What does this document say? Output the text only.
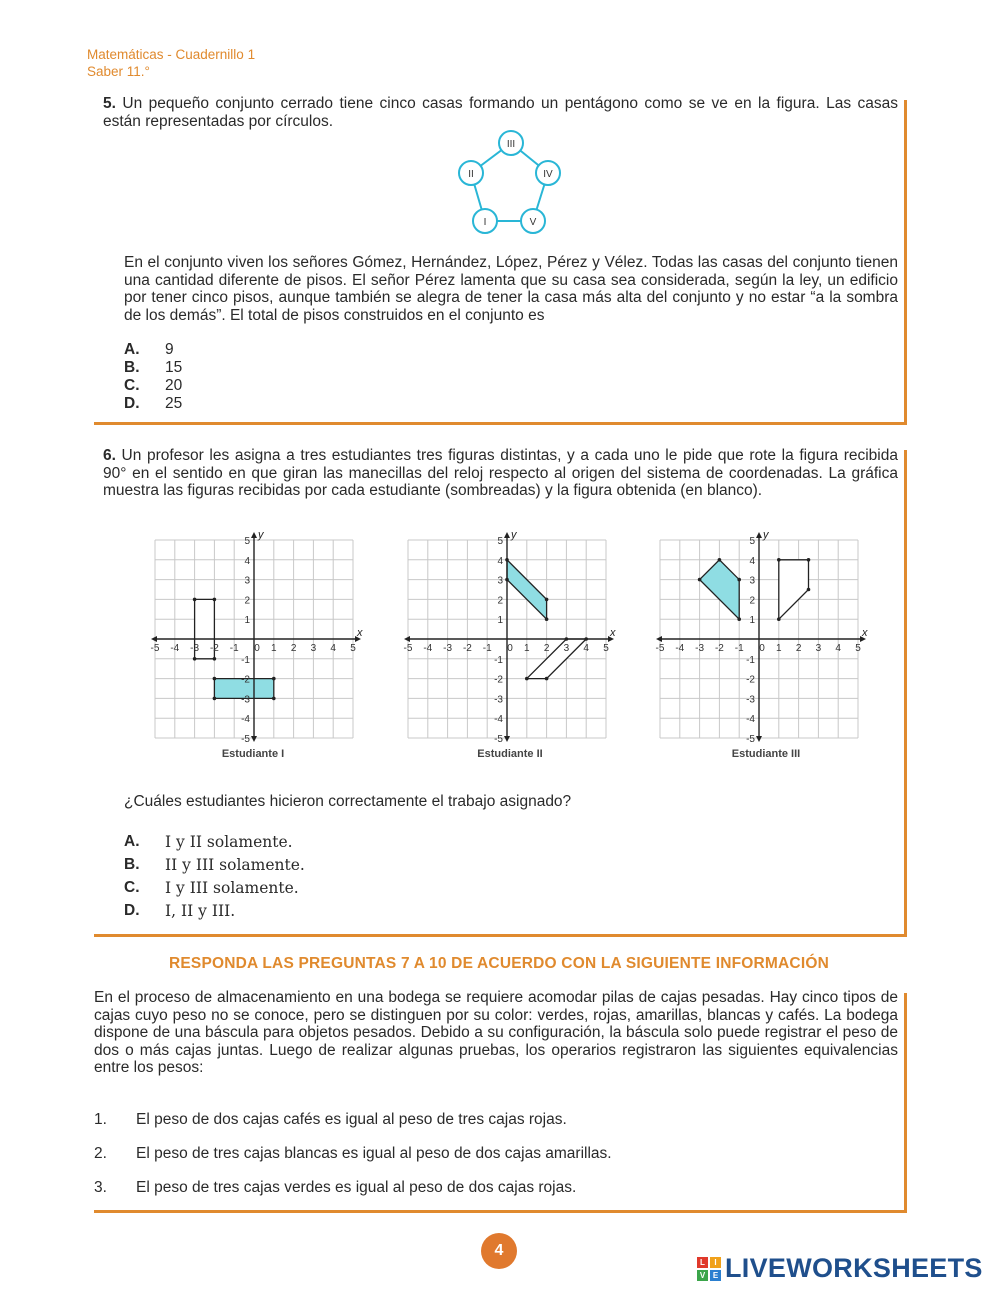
Matemáticas - Cuadernillo 1
Saber 11.°
5. Un pequeño conjunto cerrado tiene cinco casas formando un pentágono como se ve en la figura. Las casas están representadas por círculos.
III
II	IV
I	V
En el conjunto viven los señores Gómez, Hernández, López, Pérez y Vélez. Todas las casas del conjunto tienen una cantidad diferente de pisos. El señor Pérez lamenta que su casa sea considerada, según la ley, un edificio por tener cinco pisos, aunque también se alegra de tener la casa más alta del conjunto y no estar “a la sombra de los demás”. El total de pisos construidos en el conjunto es
A. 9
B. 15
C. 20
D. 25
6. Un profesor les asigna a tres estudiantes tres figuras distintas, y a cada uno le pide que rote la figura recibida 90° en el sentido en que giran las manecillas del reloj respecto al origen del sistema de coordenadas. La gráfica muestra las figuras recibidas por cada estudiante (sombreadas) y la figura obtenida (en blanco).
x
y
-5 -4 -3 -2 -1 0 1 2 3 4 5
5
4
3
2
1
-1
-2
-3
-4
-5
x
y
-5 -4 -3 -2 -1 0 1 2 3 4 5
5
4
3
2
1
-1
-2
-3
-4
-5
x
y
-5 -4 -3 -2 -1 0 1 2 3 4 5
5
4
3
2
1
-1
-2
-3
-4
-5
Estudiante I	Estudiante II	Estudiante III
¿Cuáles estudiantes hicieron correctamente el trabajo asignado?
A. I y II solamente.
B. II y III solamente.
C. I y III solamente.
D. I, II y III.
RESPONDA LAS PREGUNTAS 7 A 10 DE ACUERDO CON LA SIGUIENTE INFORMACIÓN
En el proceso de almacenamiento en una bodega se requiere acomodar pilas de cajas pesadas. Hay cinco tipos de cajas cuyo peso no se conoce, pero se distinguen por su color: verdes, rojas, amarillas, blancas y cafés. La bodega dispone de una báscula para objetos pesados. Debido a su configuración, la báscula solo puede registrar el peso de dos o más cajas juntas. Luego de realizar algunas pruebas, los operarios registraron las siguientes equivalencias entre los pesos:
1. El peso de dos cajas cafés es igual al peso de tres cajas rojas.
2. El peso de tres cajas blancas es igual al peso de dos cajas amarillas.
3. El peso de tres cajas verdes es igual al peso de dos cajas rojas.
4
L	I
V E LIVEWORKSHEETS
